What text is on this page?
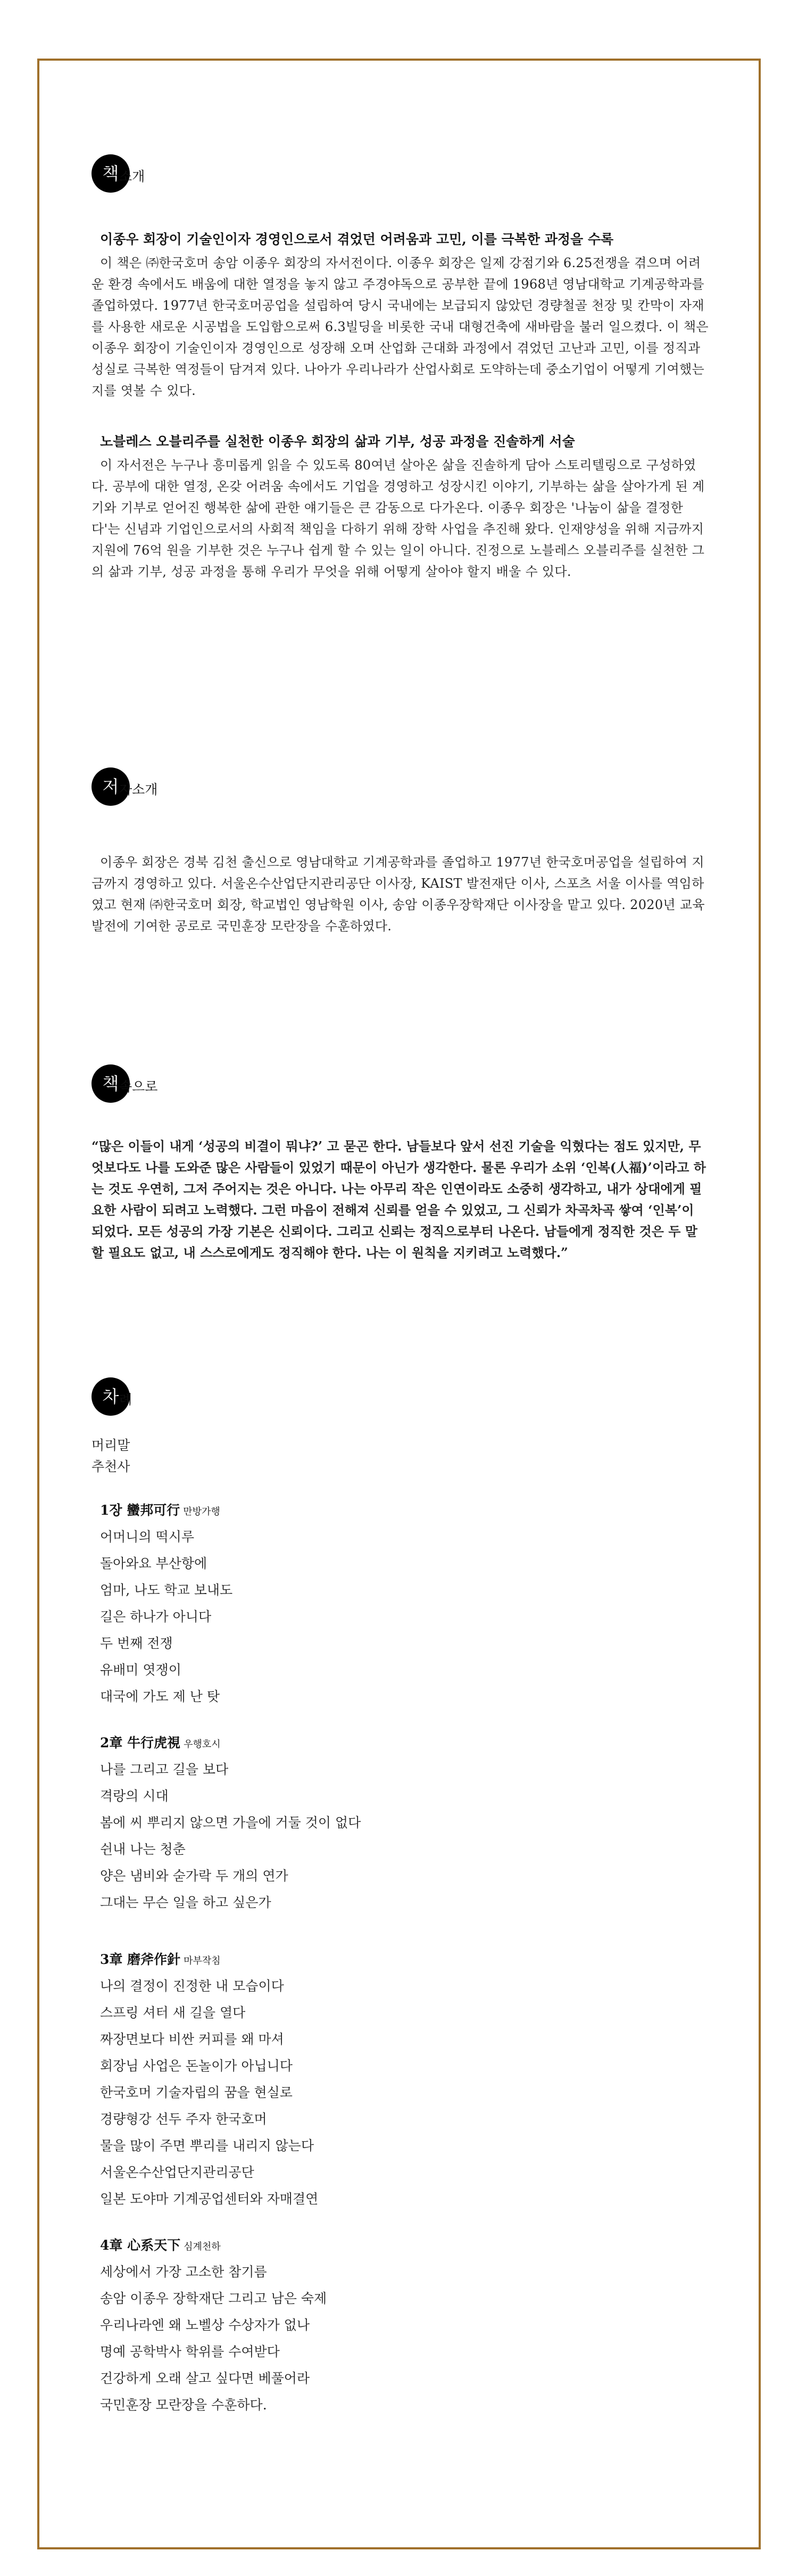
책 소개
이종우 회장이 기술인이자 경영인으로서 겪었던 어려움과 고민, 이를 극복한 과정을 수록

이 책은 ㈜한국호머 송암 이종우 회장의 자서전이다. 이종우 회장은 일제 강점기와 6.25전쟁을 겪으며 어려운 환경 속에서도 배움에 대한 열정을 놓지 않고 주경야독으로 공부한 끝에 1968년 영남대학교 기계공학과를 졸업하였다. 1977년 한국호머공업을 설립하여 당시 국내에는 보급되지 않았던 경량철골 천장 및 칸막이 자재를 사용한 새로운 시공법을 도입함으로써 6.3빌딩을 비롯한 국내 대형건축에 새바람을 불러 일으켰다. 이 책은 이종우 회장이 기술인이자 경영인으로 성장해 오며 산업화 근대화 과정에서 겪었던 고난과 고민, 이를 정직과 성실로 극복한 역정들이 담겨져 있다. 나아가 우리나라가 산업사회로 도약하는데 중소기업이 어떻게 기여했는지를 엿볼 수 있다.

노블레스 오블리주를 실천한 이종우 회장의 삶과 기부, 성공 과정을 진솔하게 서술

이 자서전은 누구나 흥미롭게 읽을 수 있도록 80여년 살아온 삶을 진솔하게 담아 스토리텔링으로 구성하였다. 공부에 대한 열정, 온갖 어려움 속에서도 기업을 경영하고 성장시킨 이야기, 기부하는 삶을 살아가게 된 계기와 기부로 얻어진 행복한 삶에 관한 얘기들은 큰 감동으로 다가온다. 이종우 회장은 '나눔이 삶을 결정한다'는 신념과 기업인으로서의 사회적 책임을 다하기 위해 장학 사업을 추진해 왔다. 인재양성을 위해 지금까지 지원에 76억 원을 기부한 것은 누구나 쉽게 할 수 있는 일이 아니다. 진정으로 노블레스 오블리주를 실천한 그의 삶과 기부, 성공 과정을 통해 우리가 무엇을 위해 어떻게 살아야 할지 배울 수 있다.

저 자소개

이종우 회장은 경북 김천 출신으로 영남대학교 기계공학과를 졸업하고 1977년 한국호머공업을 설립하여 지금까지 경영하고 있다. 서울온수산업단지관리공단 이사장, KAIST 발전재단 이사, 스포츠 서울 이사를 역임하였고 현재 ㈜한국호머 회장, 학교법인 영남학원 이사, 송암 이종우장학재단 이사장을 맡고 있다. 2020년 교육발전에 기여한 공로로 국민훈장 모란장을 수훈하였다.

책 속으로

“많은 이들이 내게 ‘성공의 비결이 뭐냐?’ 고 묻곤 한다. 남들보다 앞서 선진 기술을 익혔다는 점도 있지만, 무엇보다도 나를 도와준 많은 사람들이 있었기 때문이 아닌가 생각한다. 물론 우리가 소위 ‘인복(人福)’이라고 하는 것도 우연히, 그저 주어지는 것은 아니다. 나는 아무리 작은 인연이라도 소중히 생각하고, 내가 상대에게 필요한 사람이 되려고 노력했다. 그런 마음이 전해져 신뢰를 얻을 수 있었고, 그 신뢰가 차곡차곡 쌓여 ‘인복’이 되었다. 모든 성공의 가장 기본은 신뢰이다. 그리고 신뢰는 정직으로부터 나온다. 남들에게 정직한 것은 두 말할 필요도 없고, 내 스스로에게도 정직해야 한다. 나는 이 원칙을 지키려고 노력했다.”

차 례
머리말
추천사
1장 蠻邦可行 만방가행
어머니의 떡시루
돌아와요 부산항에
엄마, 나도 학교 보내도
길은 하나가 아니다
두 번째 전쟁
유배미 엿쟁이
대국에 가도 제 난 탓
2章 牛行虎視 우행호시
나를 그리고 길을 보다
격랑의 시대
봄에 씨 뿌리지 않으면 가을에 거둘 것이 없다
쉰내 나는 청춘
양은 냄비와 숟가락 두 개의 연가
그대는 무슨 일을 하고 싶은가
3章 磨斧作針 마부작침
나의 결정이 진정한 내 모습이다
스프링 셔터 새 길을 열다
짜장면보다 비싼 커피를 왜 마셔
회장님 사업은 돈놀이가 아닙니다
한국호머 기술자립의 꿈을 현실로
경량형강 선두 주자 한국호머
물을 많이 주면 뿌리를 내리지 않는다
서울온수산업단지관리공단
일본 도야마 기계공업센터와 자매결연
4章 心系天下 심계천하
세상에서 가장 고소한 참기름
송암 이종우 장학재단 그리고 남은 숙제
우리나라엔 왜 노벨상 수상자가 없나
명예 공학박사 학위를 수여받다
건강하게 오래 살고 싶다면 베풀어라
국민훈장 모란장을 수훈하다.
